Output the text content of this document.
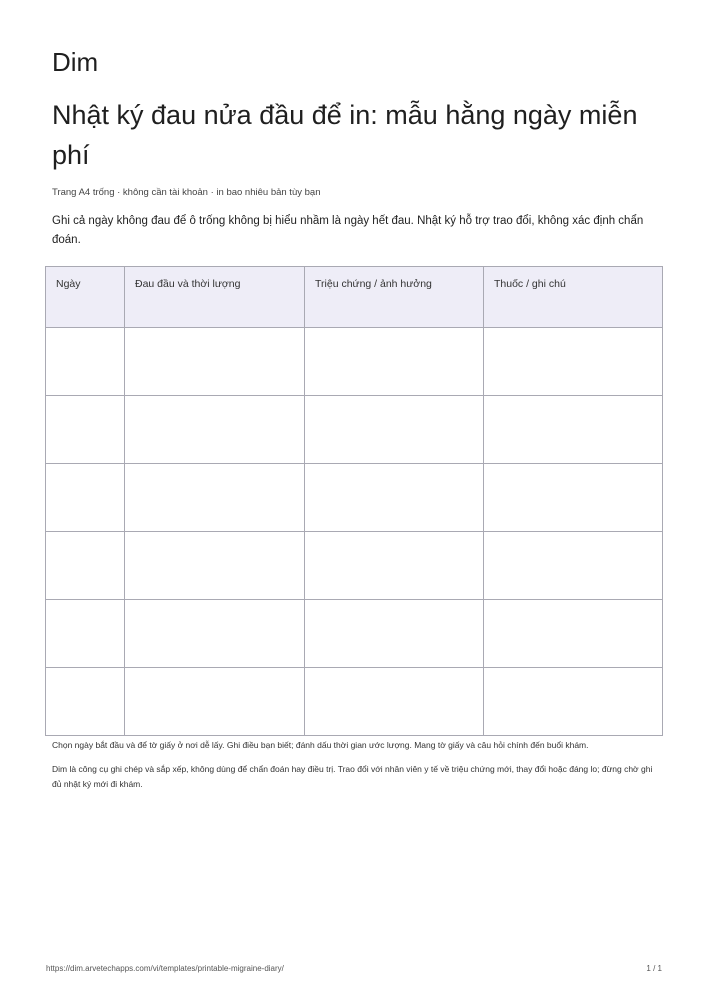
Dim
Nhật ký đau nửa đầu để in: mẫu hằng ngày miễn phí
Trang A4 trống · không cần tài khoản · in bao nhiêu bản tùy bạn
Ghi cả ngày không đau để ô trống không bị hiểu nhầm là ngày hết đau. Nhật ký hỗ trợ trao đổi, không xác định chẩn đoán.
Ngày	Đau đầu và thời lượng	Triệu chứng / ảnh hưởng	Thuốc / ghi chú

Chọn ngày bắt đầu và để tờ giấy ở nơi dễ lấy. Ghi điều bạn biết; đánh dấu thời gian ước lượng. Mang tờ giấy và câu hỏi chính đến buổi khám.
Dim là công cụ ghi chép và sắp xếp, không dùng để chẩn đoán hay điều trị. Trao đổi với nhân viên y tế về triệu chứng mới, thay đổi hoặc đáng lo; đừng chờ ghi đủ nhật ký mới đi khám.
https://dim.arvetechapps.com/vi/templates/printable-migraine-diary/	1 / 1
